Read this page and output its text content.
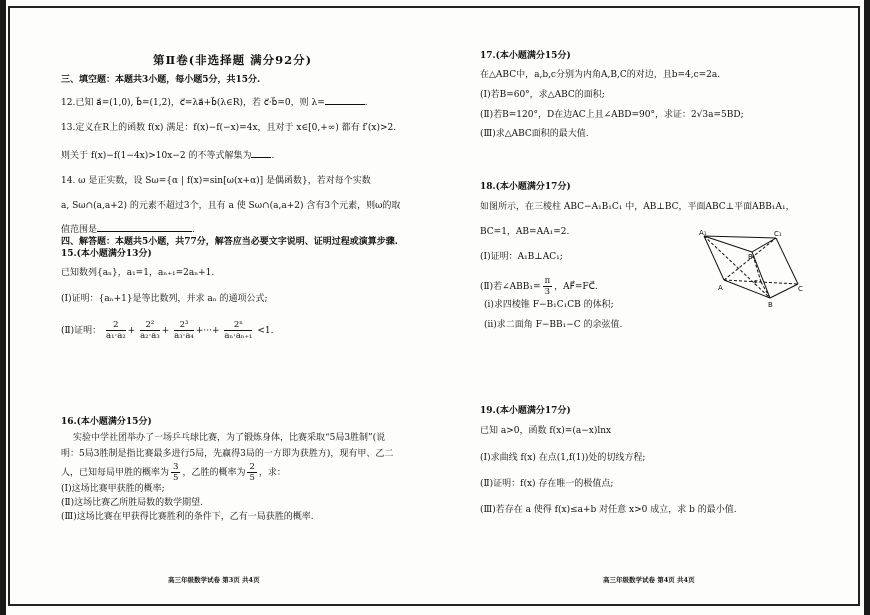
第Ⅱ卷(非选择题 满分92分)
三、填空题：本题共3小题，每小题5分，共15分.
12.已知 a⃗=(1,0), b⃗=(1,2)，c⃗=λa⃗+b⃗(λ∈R)，若 c⃗·b⃗=0，则 λ=	.
13.定义在R上的函数 f(x) 满足：f(x)−f(−x)=4x，且对于 x∈[0,+∞) 都有 f′(x)>2.
则关于 f(x)−f(1−4x)>10x−2 的不等式解集为 .
14. ω 是正实数，设 Sω={α | f(x)=sin[ω(x+α)] 是偶函数}，若对每个实数
a, Sω∩(a,a+2) 的元素不超过3个，且有 a 使 Sω∩(a,a+2) 含有3个元素，则ω的取
值范围是	.
四、解答题：本题共5小题，共77分，解答应当必要文字说明、证明过程或演算步骤.
15.(本小题满分13分)
已知数列{aₙ}，a₁=1，aₙ₊₁=2aₙ+1.
(Ⅰ)证明：{aₙ+1}是等比数列，并求 aₙ 的通项公式;
(Ⅱ)证明： $\frac{2}{\text{a₁·a₂}} + \frac{\text{2²}}{\text{a₂·a₃}} + \frac{\text{2³}}{\text{a₃·a₄}}$ +···+ $\frac{\text{2ⁿ}}{\text{aₙ·aₙ₊₁}} <1$.
16.(本小题满分15分)
实验中学社团举办了一场乒乓球比赛，为了锻炼身体，比赛采取“5局3胜制”(说
明：5局3胜制是指比赛最多进行5局，先赢得3局的一方即为获胜方)，现有甲、乙二
人，已知每局甲胜的概率为 $\frac{3}{5}$ ，乙胜的概率为 $\frac{2}{5}$ ，求：
(Ⅰ)这场比赛甲获胜的概率;
(Ⅱ)这场比赛乙所胜局数的数学期望.
(Ⅲ)这场比赛在甲获得比赛胜利的条件下，乙有一局获胜的概率.
高三年级数学试卷 第3页 共4页
17.(本小题满分15分)
在△ABC中，a,b,c分别为内角A,B,C的对边，且b=4,c=2a.
(Ⅰ)若B=60°，求△ABC的面积;
(Ⅱ)若B=120°，D在边AC上且∠ABD=90°，求证：2√3a=5BD;
(Ⅲ)求△ABC面积的最大值.
18.(本小题满分17分)
如图所示，在三棱柱 ABC−A₁B₁C₁ 中，AB⊥BC，平面ABC⊥平面ABB₁A₁，
BC=1，AB=AA₁=2.
(Ⅰ)证明：A₁B⊥AC₁;
(Ⅱ)若∠ABB₁= $\frac{\pi}{3}$ ，AF⃗=FC⃗.
(ⅰ)求四棱锥 F−B₁C₁CB 的体积;
(ⅱ)求二面角 F−BB₁−C 的余弦值.
A₁	C₁
B₁
A
F
B
C
19.(本小题满分17分)
已知 a>0，函数 f(x)=(a−x)lnx
(Ⅰ)求曲线 f(x) 在点(1,f(1))处的切线方程;
(Ⅱ)证明：f(x) 存在唯一的极值点;
(Ⅲ)若存在 a 使得 f(x)≤a+b 对任意 x>0 成立，求 b 的最小值.
高三年级数学试卷 第4页 共4页
